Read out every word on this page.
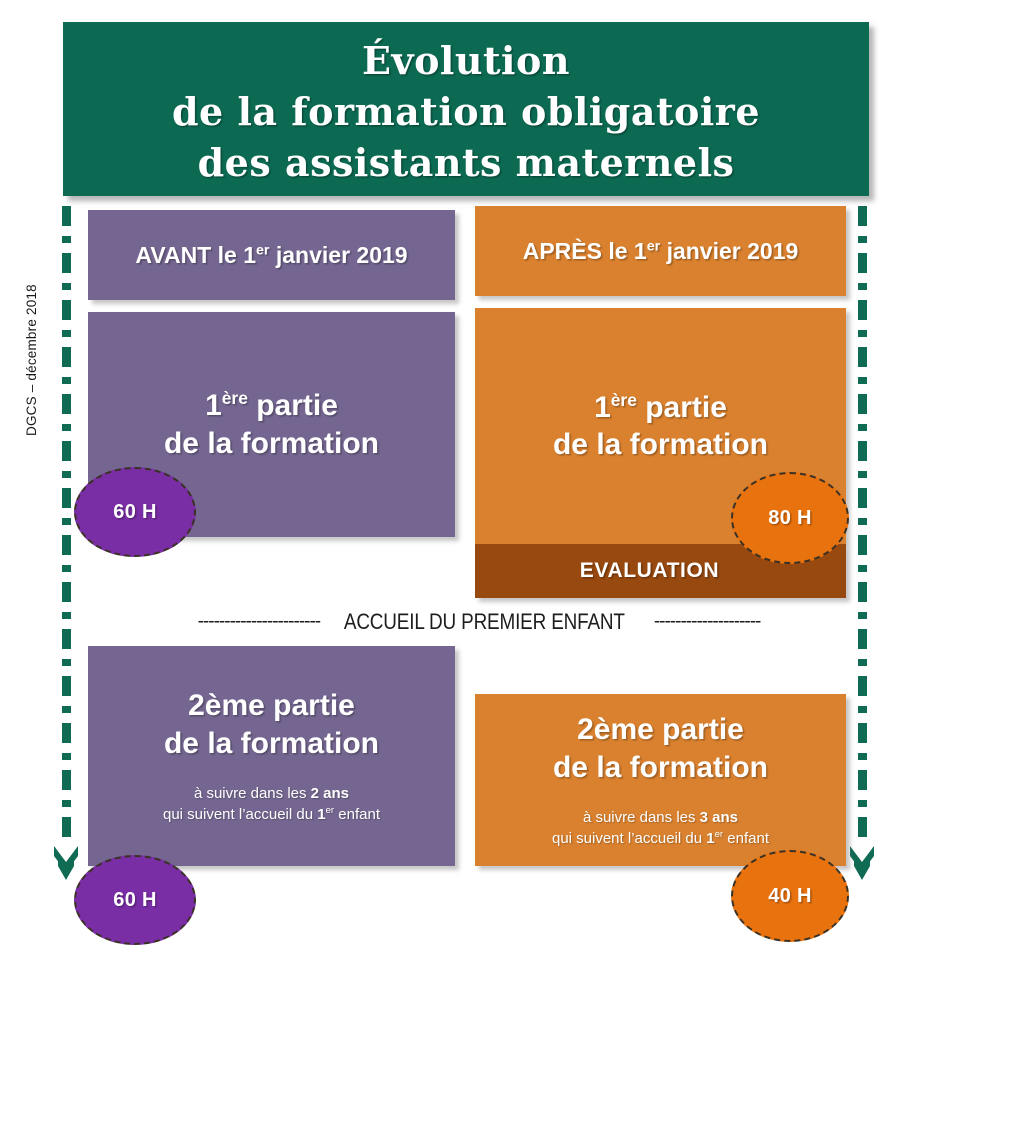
DGCS – décembre 2018
Évolution
de la formation obligatoire
des assistants maternels
AVANT le 1er janvier 2019	APRÈS le 1er janvier 2019
1ère partie
de la formation
1ère partie
de la formation
EVALUATION
60 H	80 H
----------------------- ACCUEIL DU PREMIER ENFANT --------------------
2ème partie
de la formation
à suivre dans les 2 ans
qui suivent l’accueil du 1er enfant
2ème partie
de la formation
à suivre dans les 3 ans
qui suivent l’accueil du 1er enfant
60 H	40 H
